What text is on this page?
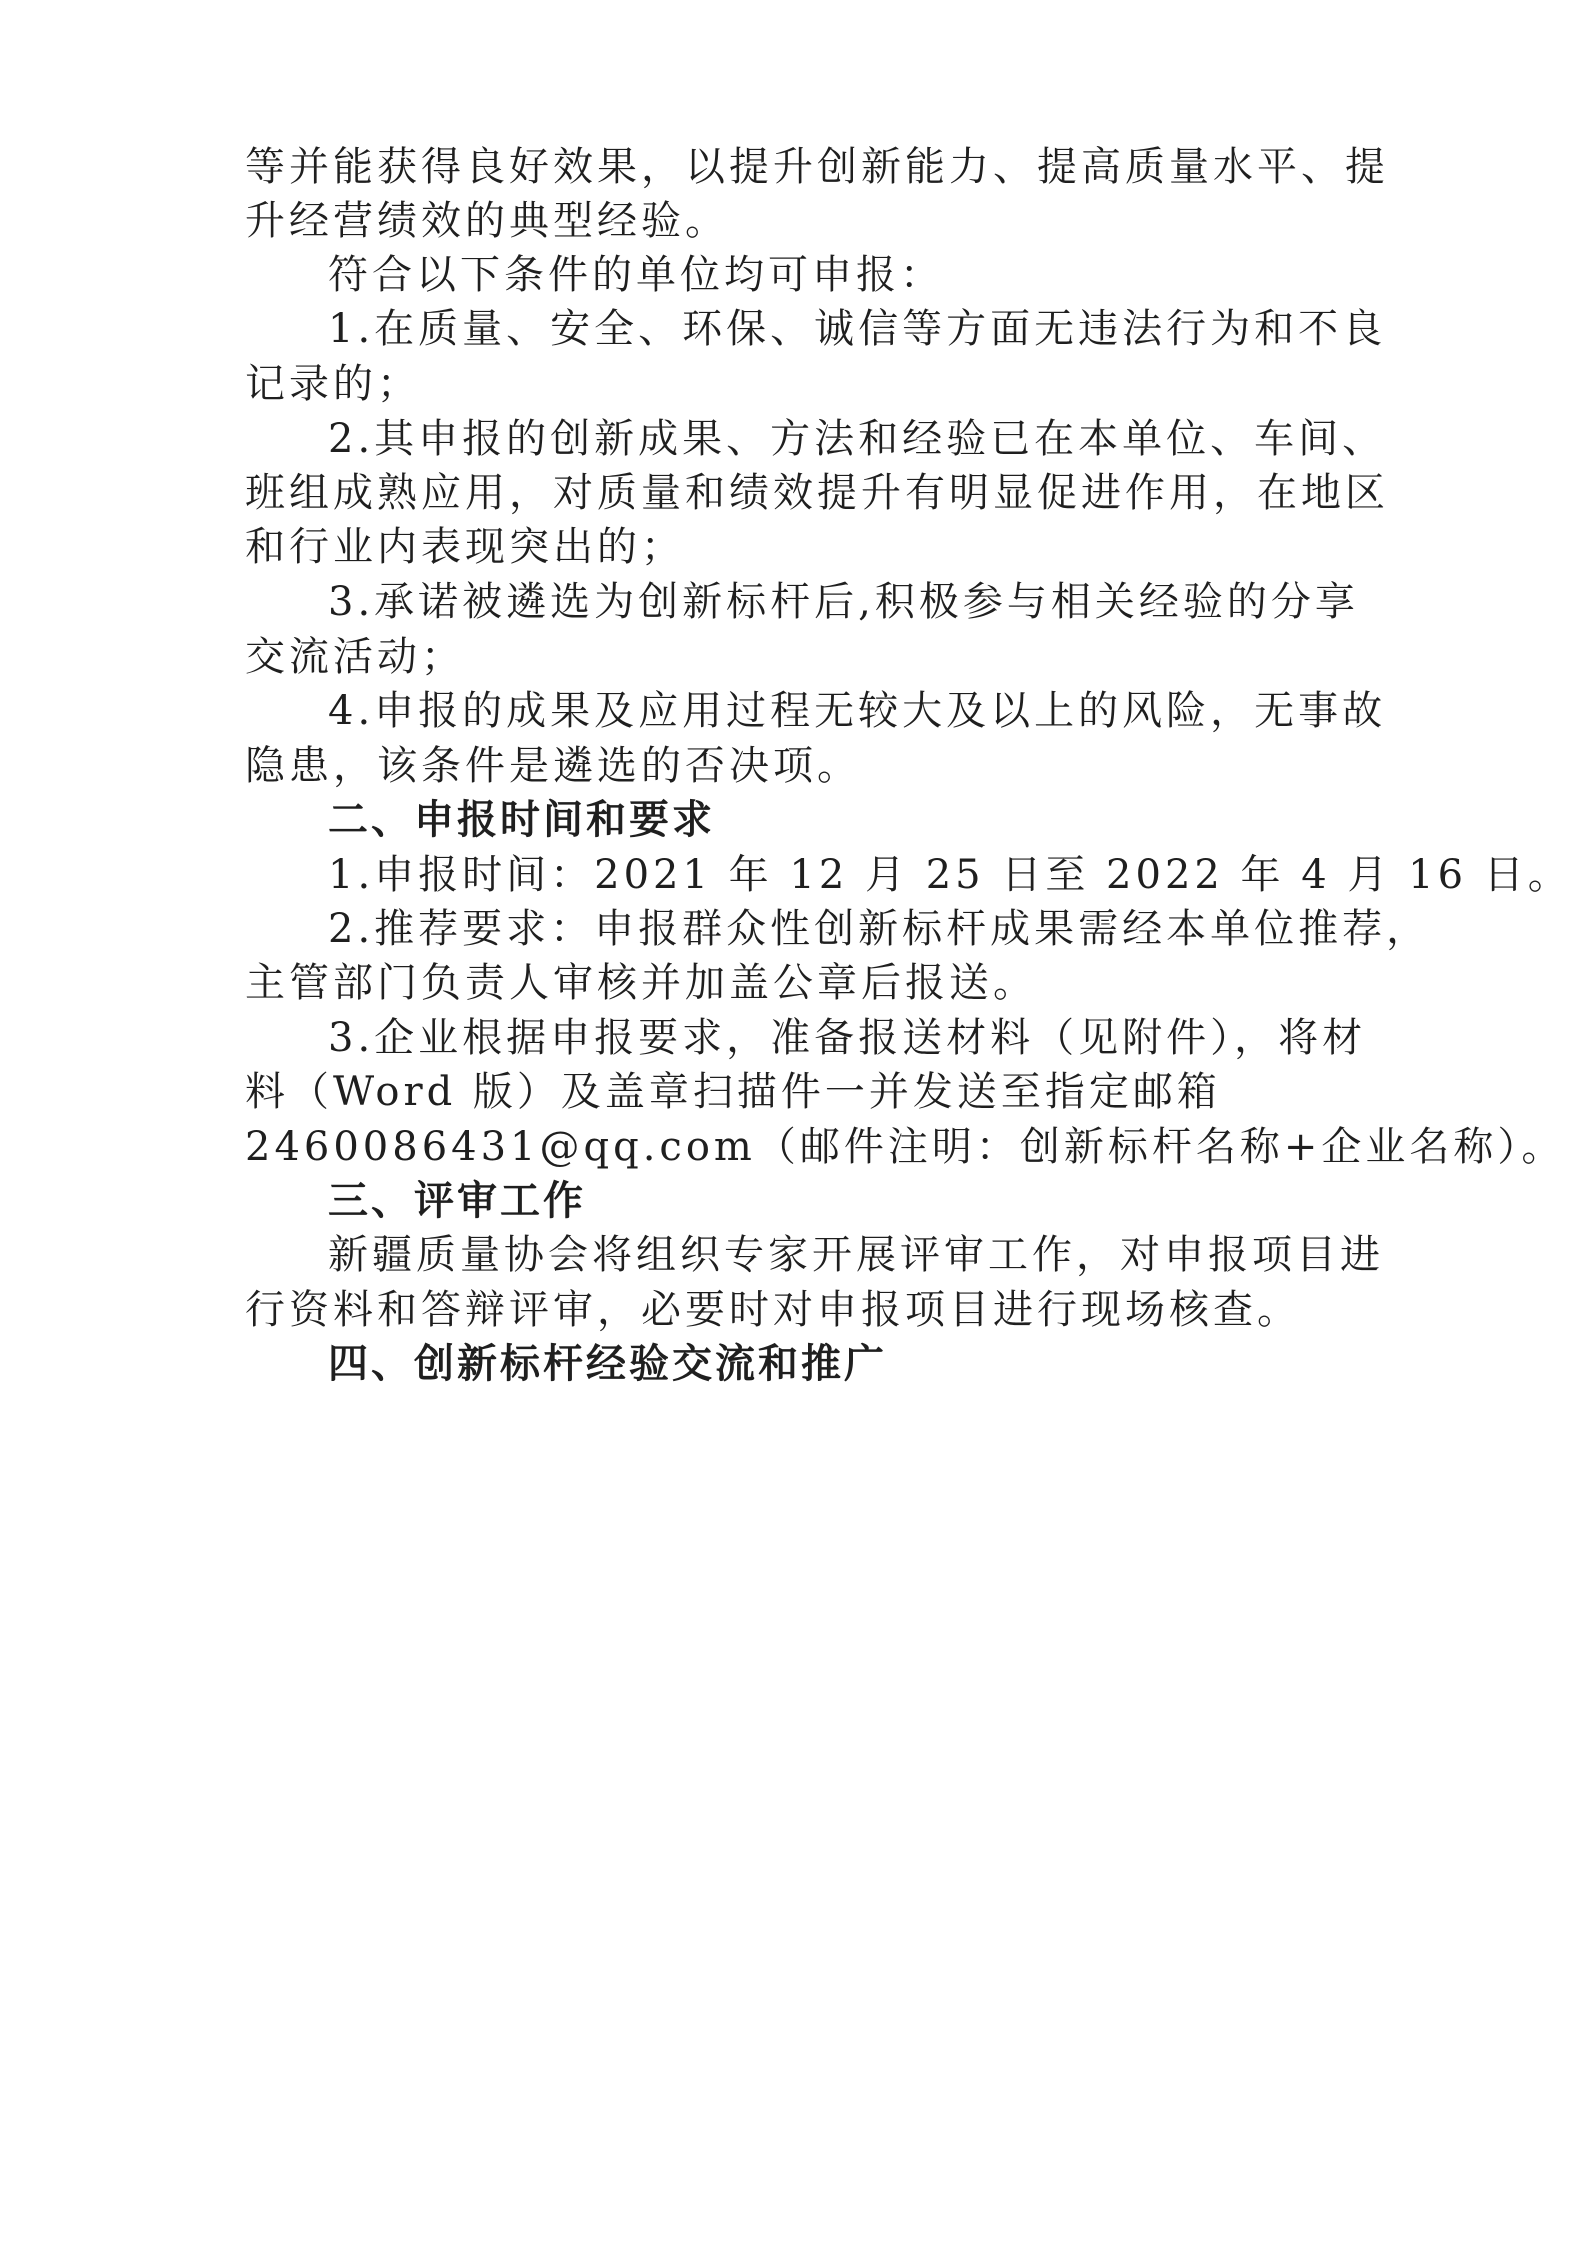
等并能获得良好效果，以提升创新能力、提高质量水平、提
升经营绩效的典型经验。
符合以下条件的单位均可申报：
1.在质量、安全、环保、诚信等方面无违法行为和不良
记录的；
2.其申报的创新成果、方法和经验已在本单位、车间、
班组成熟应用，对质量和绩效提升有明显促进作用，在地区
和行业内表现突出的；
3.承诺被遴选为创新标杆后,积极参与相关经验的分享
交流活动；
4.申报的成果及应用过程无较大及以上的风险，无事故
隐患，该条件是遴选的否决项。
二、申报时间和要求
1.申报时间：2021 年 12 月 25 日至 2022 年 4 月 16 日。
2.推荐要求：申报群众性创新标杆成果需经本单位推荐，
主管部门负责人审核并加盖公章后报送。
3.企业根据申报要求，准备报送材料（见附件），将材
料（Word 版）及盖章扫描件一并发送至指定邮箱
2460086431@qq.com（邮件注明：创新标杆名称+企业名称）。
三、评审工作
新疆质量协会将组织专家开展评审工作，对申报项目进
行资料和答辩评审，必要时对申报项目进行现场核查。
四、创新标杆经验交流和推广
